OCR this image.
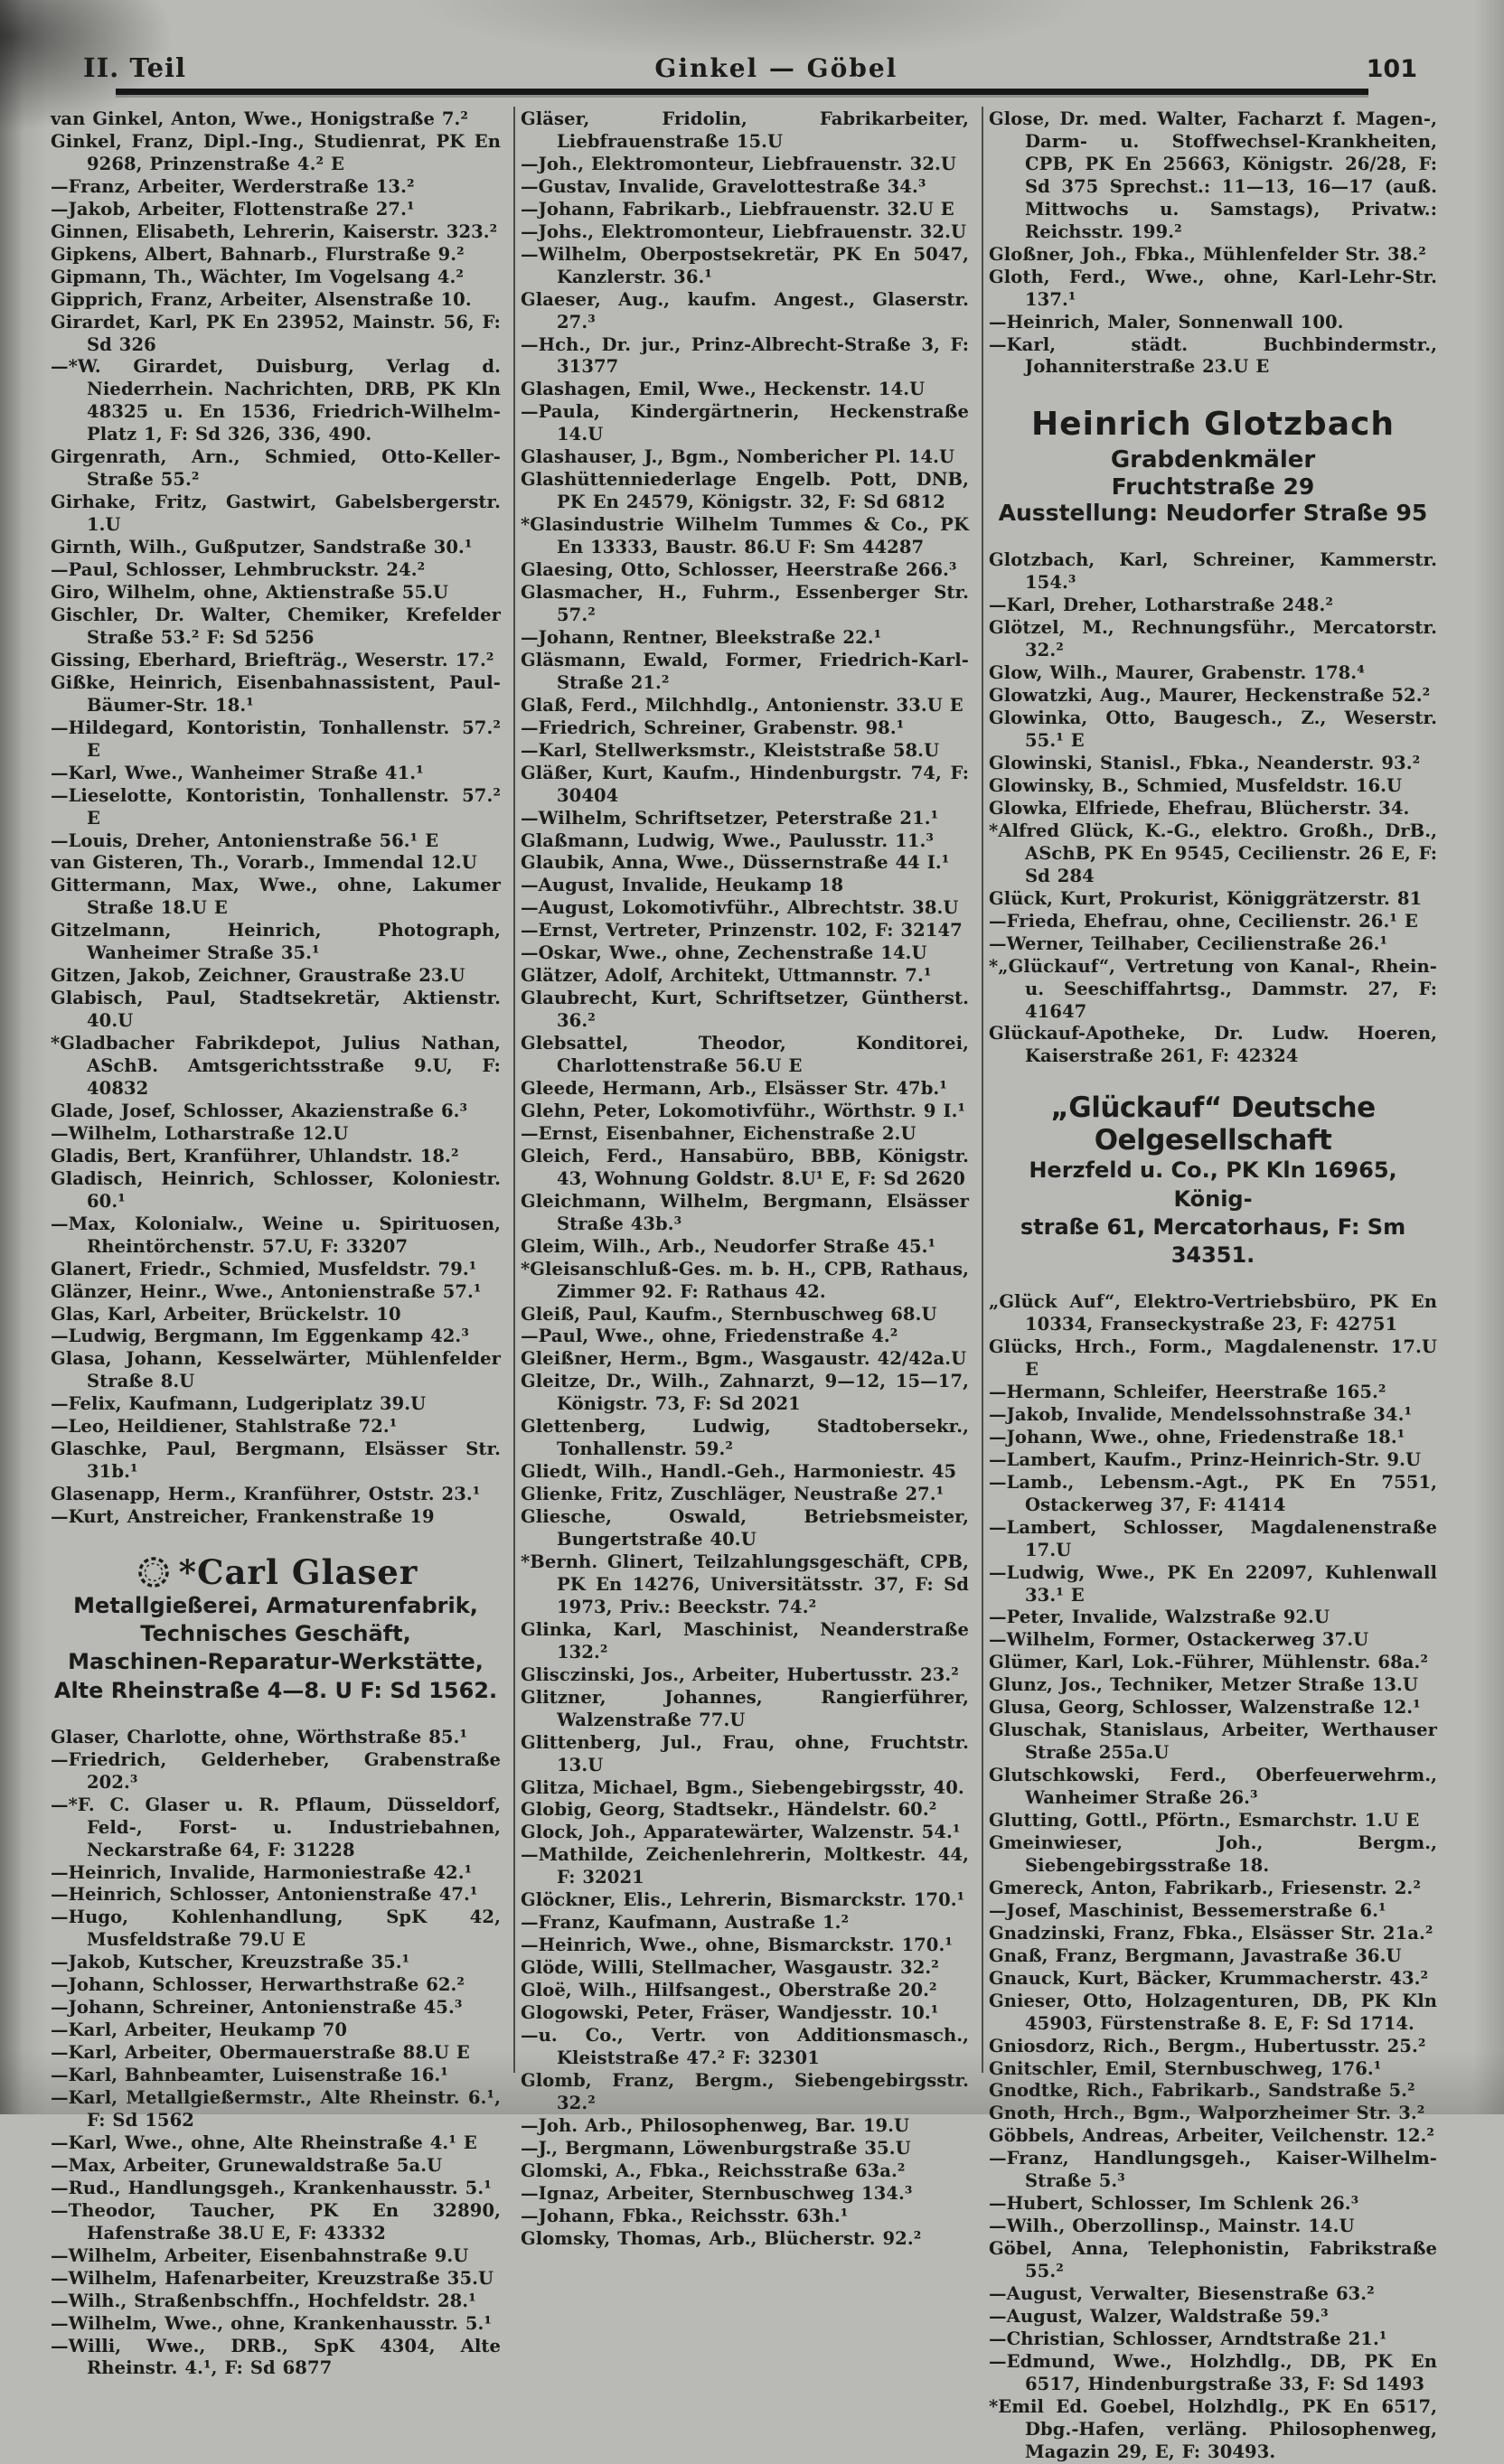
II. Teil	Ginkel — Göbel	101

van Ginkel, Anton, Wwe., Honigstraße 7.²

Ginkel, Franz, Dipl.-Ing., Studienrat, PK En 9268, Prinzenstraße 4.² E

—Franz, Arbeiter, Werderstraße 13.²

—Jakob, Arbeiter, Flottenstraße 27.¹

Ginnen, Elisabeth, Lehrerin, Kaiserstr. 323.²

Gipkens, Albert, Bahnarb., Flurstraße 9.²

Gipmann, Th., Wächter, Im Vogelsang 4.²

Gipprich, Franz, Arbeiter, Alsenstraße 10.

Girardet, Karl, PK En 23952, Mainstr. 56, F: Sd 326

—*W. Girardet, Duisburg, Verlag d. Niederrhein. Nachrichten, DRB, PK Kln 48325 u. En 1536, Friedrich-Wilhelm-Platz 1, F: Sd 326, 336, 490.

Girgenrath, Arn., Schmied, Otto-Keller-Straße 55.²

Girhake, Fritz, Gastwirt, Gabelsbergerstr. 1.U

Girnth, Wilh., Gußputzer, Sandstraße 30.¹

—Paul, Schlosser, Lehmbruckstr. 24.²

Giro, Wilhelm, ohne, Aktienstraße 55.U

Gischler, Dr. Walter, Chemiker, Krefelder Straße 53.² F: Sd 5256

Gissing, Eberhard, Briefträg., Weserstr. 17.²

Gißke, Heinrich, Eisenbahnassistent, Paul-Bäumer-Str. 18.¹

—Hildegard, Kontoristin, Tonhallenstr. 57.² E

—Karl, Wwe., Wanheimer Straße 41.¹

—Lieselotte, Kontoristin, Tonhallenstr. 57.² E

—Louis, Dreher, Antonienstraße 56.¹ E

van Gisteren, Th., Vorarb., Immendal 12.U

Gittermann, Max, Wwe., ohne, Lakumer Straße 18.U E

Gitzelmann, Heinrich, Photograph, Wanheimer Straße 35.¹

Gitzen, Jakob, Zeichner, Graustraße 23.U

Glabisch, Paul, Stadtsekretär, Aktienstr. 40.U

*Gladbacher Fabrikdepot, Julius Nathan, ASchB. Amtsgerichtsstraße 9.U, F: 40832

Glade, Josef, Schlosser, Akazienstraße 6.³

—Wilhelm, Lotharstraße 12.U

Gladis, Bert, Kranführer, Uhlandstr. 18.²

Gladisch, Heinrich, Schlosser, Koloniestr. 60.¹

—Max, Kolonialw., Weine u. Spirituosen, Rheintörchenstr. 57.U, F: 33207

Glanert, Friedr., Schmied, Musfeldstr. 79.¹

Glänzer, Heinr., Wwe., Antonienstraße 57.¹

Glas, Karl, Arbeiter, Brückelstr. 10

—Ludwig, Bergmann, Im Eggenkamp 42.³

Glasa, Johann, Kesselwärter, Mühlenfelder Straße 8.U

—Felix, Kaufmann, Ludgeriplatz 39.U

—Leo, Heildiener, Stahlstraße 72.¹

Glaschke, Paul, Bergmann, Elsässer Str. 31b.¹

Glasenapp, Herm., Kranführer, Oststr. 23.¹

—Kurt, Anstreicher, Frankenstraße 19

*Carl Glaser
Metallgießerei, Armaturenfabrik,
Technisches Geschäft,
Maschinen-Reparatur-Werkstätte,
Alte Rheinstraße 4—8. U F: Sd 1562.

Glaser, Charlotte, ohne, Wörthstraße 85.¹

—Friedrich, Gelderheber, Grabenstraße 202.³

—*F. C. Glaser u. R. Pflaum, Düsseldorf, Feld-, Forst- u. Industriebahnen, Neckarstraße 64, F: 31228

—Heinrich, Invalide, Harmoniestraße 42.¹

—Heinrich, Schlosser, Antonienstraße 47.¹

—Hugo, Kohlenhandlung, SpK 42, Musfeldstraße 79.U E

—Jakob, Kutscher, Kreuzstraße 35.¹

—Johann, Schlosser, Herwarthstraße 62.²

—Johann, Schreiner, Antonienstraße 45.³

—Karl, Arbeiter, Heukamp 70

—Karl, Arbeiter, Obermauerstraße 88.U E

—Karl, Bahnbeamter, Luisenstraße 16.¹

—Karl, Metallgießermstr., Alte Rheinstr. 6.¹, F: Sd 1562

—Karl, Wwe., ohne, Alte Rheinstraße 4.¹ E

—Max, Arbeiter, Grunewaldstraße 5a.U

—Rud., Handlungsgeh., Krankenhausstr. 5.¹

—Theodor, Taucher, PK En 32890, Hafenstraße 38.U E, F: 43332

—Wilhelm, Arbeiter, Eisenbahnstraße 9.U

—Wilhelm, Hafenarbeiter, Kreuzstraße 35.U

—Wilh., Straßenbschffn., Hochfeldstr. 28.¹

—Wilhelm, Wwe., ohne, Krankenhausstr. 5.¹

—Willi, Wwe., DRB., SpK 4304, Alte Rheinstr. 4.¹, F: Sd 6877

Gläser, Fridolin, Fabrikarbeiter, Liebfrauenstraße 15.U

—Joh., Elektromonteur, Liebfrauenstr. 32.U

—Gustav, Invalide, Gravelottestraße 34.³

—Johann, Fabrikarb., Liebfrauenstr. 32.U E

—Johs., Elektromonteur, Liebfrauenstr. 32.U

—Wilhelm, Oberpostsekretär, PK En 5047, Kanzlerstr. 36.¹

Glaeser, Aug., kaufm. Angest., Glaserstr. 27.³

—Hch., Dr. jur., Prinz-Albrecht-Straße 3, F: 31377

Glashagen, Emil, Wwe., Heckenstr. 14.U

—Paula, Kindergärtnerin, Heckenstraße 14.U

Glashauser, J., Bgm., Nombericher Pl. 14.U

Glashüttenniederlage Engelb. Pott, DNB, PK En 24579, Königstr. 32, F: Sd 6812

*Glasindustrie Wilhelm Tummes & Co., PK En 13333, Baustr. 86.U F: Sm 44287

Glaesing, Otto, Schlosser, Heerstraße 266.³

Glasmacher, H., Fuhrm., Essenberger Str. 57.²

—Johann, Rentner, Bleekstraße 22.¹

Gläsmann, Ewald, Former, Friedrich-Karl-Straße 21.²

Glaß, Ferd., Milchhdlg., Antonienstr. 33.U E

—Friedrich, Schreiner, Grabenstr. 98.¹

—Karl, Stellwerksmstr., Kleiststraße 58.U

Gläßer, Kurt, Kaufm., Hindenburgstr. 74, F: 30404

—Wilhelm, Schriftsetzer, Peterstraße 21.¹

Glaßmann, Ludwig, Wwe., Paulusstr. 11.³

Glaubik, Anna, Wwe., Düssernstraße 44 I.¹

—August, Invalide, Heukamp 18

—August, Lokomotivführ., Albrechtstr. 38.U

—Ernst, Vertreter, Prinzenstr. 102, F: 32147

—Oskar, Wwe., ohne, Zechenstraße 14.U

Glätzer, Adolf, Architekt, Uttmannstr. 7.¹

Glaubrecht, Kurt, Schriftsetzer, Güntherst. 36.²

Glebsattel, Theodor, Konditorei, Charlottenstraße 56.U E

Gleede, Hermann, Arb., Elsässer Str. 47b.¹

Glehn, Peter, Lokomotivführ., Wörthstr. 9 I.¹

—Ernst, Eisenbahner, Eichenstraße 2.U

Gleich, Ferd., Hansabüro, BBB, Königstr. 43, Wohnung Goldstr. 8.U¹ E, F: Sd 2620

Gleichmann, Wilhelm, Bergmann, Elsässer Straße 43b.³

Gleim, Wilh., Arb., Neudorfer Straße 45.¹

*Gleisanschluß-Ges. m. b. H., CPB, Rathaus, Zimmer 92. F: Rathaus 42.

Gleiß, Paul, Kaufm., Sternbuschweg 68.U

—Paul, Wwe., ohne, Friedenstraße 4.²

Gleißner, Herm., Bgm., Wasgaustr. 42/42a.U

Gleitze, Dr., Wilh., Zahnarzt, 9—12, 15—17, Königstr. 73, F: Sd 2021

Glettenberg, Ludwig, Stadtobersekr., Tonhallenstr. 59.²

Gliedt, Wilh., Handl.-Geh., Harmoniestr. 45

Glienke, Fritz, Zuschläger, Neustraße 27.¹

Gliesche, Oswald, Betriebsmeister, Bungertstraße 40.U

*Bernh. Glinert, Teilzahlungsgeschäft, CPB, PK En 14276, Universitätsstr. 37, F: Sd 1973, Priv.: Beeckstr. 74.²

Glinka, Karl, Maschinist, Neanderstraße 132.²

Glisczinski, Jos., Arbeiter, Hubertusstr. 23.²

Glitzner, Johannes, Rangierführer, Walzenstraße 77.U

Glittenberg, Jul., Frau, ohne, Fruchtstr. 13.U

Glitza, Michael, Bgm., Siebengebirgsstr, 40.

Globig, Georg, Stadtsekr., Händelstr. 60.²

Glock, Joh., Apparatewärter, Walzenstr. 54.¹

—Mathilde, Zeichenlehrerin, Moltkestr. 44, F: 32021

Glöckner, Elis., Lehrerin, Bismarckstr. 170.¹

—Franz, Kaufmann, Austraße 1.²

—Heinrich, Wwe., ohne, Bismarckstr. 170.¹

Glöde, Willi, Stellmacher, Wasgaustr. 32.²

Gloë, Wilh., Hilfsangest., Oberstraße 20.²

Glogowski, Peter, Fräser, Wandjesstr. 10.¹

—u. Co., Vertr. von Additionsmasch., Kleiststraße 47.² F: 32301

Glomb, Franz, Bergm., Siebengebirgsstr. 32.²

—Joh. Arb., Philosophenweg, Bar. 19.U

—J., Bergmann, Löwenburgstraße 35.U

Glomski, A., Fbka., Reichsstraße 63a.²

—Ignaz, Arbeiter, Sternbuschweg 134.³

—Johann, Fbka., Reichsstr. 63h.¹

Glomsky, Thomas, Arb., Blücherstr. 92.²

Glose, Dr. med. Walter, Facharzt f. Magen-, Darm- u. Stoffwechsel-Krankheiten, CPB, PK En 25663, Königstr. 26/28, F: Sd 375 Sprechst.: 11—13, 16—17 (auß. Mittwochs u. Samstags), Privatw.: Reichsstr. 199.²

Gloßner, Joh., Fbka., Mühlenfelder Str. 38.²

Gloth, Ferd., Wwe., ohne, Karl-Lehr-Str. 137.¹

—Heinrich, Maler, Sonnenwall 100.

—Karl, städt. Buchbindermstr., Johanniterstraße 23.U E

Heinrich Glotzbach
Grabdenkmäler
Fruchtstraße 29
Ausstellung: Neudorfer Straße 95

Glotzbach, Karl, Schreiner, Kammerstr. 154.³

—Karl, Dreher, Lotharstraße 248.²

Glötzel, M., Rechnungsführ., Mercatorstr. 32.²

Glow, Wilh., Maurer, Grabenstr. 178.⁴

Glowatzki, Aug., Maurer, Heckenstraße 52.²

Glowinka, Otto, Baugesch., Z., Weserstr. 55.¹ E

Glowinski, Stanisl., Fbka., Neanderstr. 93.²

Glowinsky, B., Schmied, Musfeldstr. 16.U

Glowka, Elfriede, Ehefrau, Blücherstr. 34.

*Alfred Glück, K.-G., elektro. Großh., DrB., ASchB, PK En 9545, Cecilienstr. 26 E, F: Sd 284

Glück, Kurt, Prokurist, Königgrätzerstr. 81

—Frieda, Ehefrau, ohne, Cecilienstr. 26.¹ E

—Werner, Teilhaber, Cecilienstraße 26.¹

*„Glückauf“, Vertretung von Kanal-, Rhein- u. Seeschiffahrtsg., Dammstr. 27, F: 41647

Glückauf-Apotheke, Dr. Ludw. Hoeren, Kaiserstraße 261, F: 42324

„Glückauf“ Deutsche Oelgesellschaft
Herzfeld u. Co., PK Kln 16965, König-
straße 61, Mercatorhaus, F: Sm 34351.

„Glück Auf“, Elektro-Vertriebsbüro, PK En 10334, Franseckystraße 23, F: 42751

Glücks, Hrch., Form., Magdalenenstr. 17.U E

—Hermann, Schleifer, Heerstraße 165.²

—Jakob, Invalide, Mendelssohnstraße 34.¹

—Johann, Wwe., ohne, Friedenstraße 18.¹

—Lambert, Kaufm., Prinz-Heinrich-Str. 9.U

—Lamb., Lebensm.-Agt., PK En 7551, Ostackerweg 37, F: 41414

—Lambert, Schlosser, Magdalenenstraße 17.U

—Ludwig, Wwe., PK En 22097, Kuhlenwall 33.¹ E

—Peter, Invalide, Walzstraße 92.U

—Wilhelm, Former, Ostackerweg 37.U

Glümer, Karl, Lok.-Führer, Mühlenstr. 68a.²

Glunz, Jos., Techniker, Metzer Straße 13.U

Glusa, Georg, Schlosser, Walzenstraße 12.¹

Gluschak, Stanislaus, Arbeiter, Werthauser Straße 255a.U

Glutschkowski, Ferd., Oberfeuerwehrm., Wanheimer Straße 26.³

Glutting, Gottl., Pförtn., Esmarchstr. 1.U E

Gmeinwieser, Joh., Bergm., Siebengebirgsstraße 18.

Gmereck, Anton, Fabrikarb., Friesenstr. 2.²

—Josef, Maschinist, Bessemerstraße 6.¹

Gnadzinski, Franz, Fbka., Elsässer Str. 21a.²

Gnaß, Franz, Bergmann, Javastraße 36.U

Gnauck, Kurt, Bäcker, Krummacherstr. 43.²

Gnieser, Otto, Holzagenturen, DB, PK Kln 45903, Fürstenstraße 8. E, F: Sd 1714.

Gniosdorz, Rich., Bergm., Hubertusstr. 25.²

Gnitschler, Emil, Sternbuschweg, 176.¹

Gnodtke, Rich., Fabrikarb., Sandstraße 5.²

Gnoth, Hrch., Bgm., Walporzheimer Str. 3.²

Göbbels, Andreas, Arbeiter, Veilchenstr. 12.²

—Franz, Handlungsgeh., Kaiser-Wilhelm-Straße 5.³

—Hubert, Schlosser, Im Schlenk 26.³

—Wilh., Oberzollinsp., Mainstr. 14.U

Göbel, Anna, Telephonistin, Fabrikstraße 55.²

—August, Verwalter, Biesenstraße 63.²

—August, Walzer, Waldstraße 59.³

—Christian, Schlosser, Arndtstraße 21.¹

—Edmund, Wwe., Holzhdlg., DB, PK En 6517, Hindenburgstraße 33, F: Sd 1493

*Emil Ed. Goebel, Holzhdlg., PK En 6517, Dbg.-Hafen, verläng. Philosophenweg, Magazin 29, E, F: 30493.
